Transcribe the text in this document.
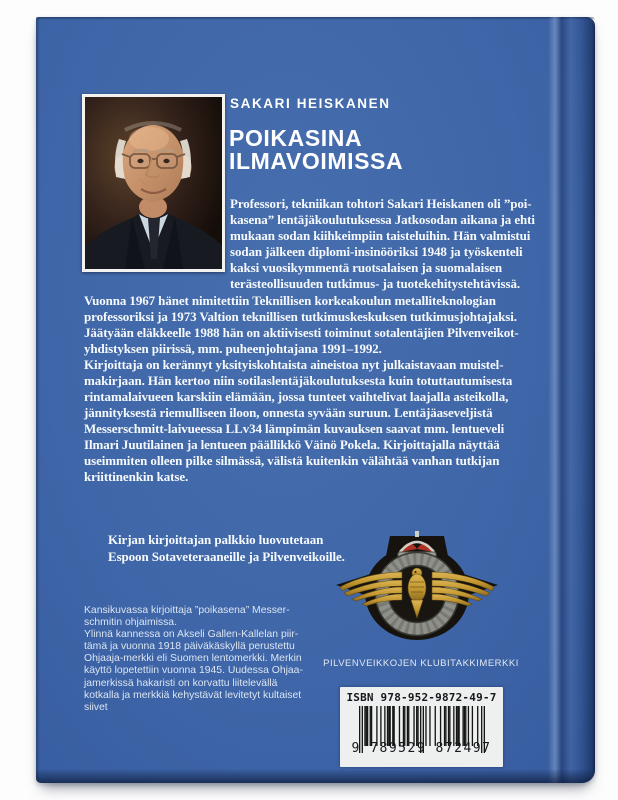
SAKARI HEISKANEN
POIKASINA
ILMAVOIMISSA
Professori, tekniikan tohtori Sakari Heiskanen oli ”poi-
kasena” lentäjäkoulutuksessa Jatkosodan aikana ja ehti
mukaan sodan kiihkeimpiin taisteluihin. Hän valmistui
sodan jälkeen diplomi-insinööriksi 1948 ja työskenteli
kaksi vuosikymmentä ruotsalaisen ja suomalaisen
terästeollisuuden tutkimus- ja tuotekehitystehtävissä.
Vuonna 1967 hänet nimitettiin Teknillisen korkeakoulun metalliteknologian
professoriksi ja 1973 Valtion teknillisen tutkimuskeskuksen tutkimusjohtajaksi.
Jäätyään eläkkeelle 1988 hän on aktiivisesti toiminut sotalentäjien Pilvenveikot-
yhdistyksen piirissä, mm. puheenjohtajana 1991–1992.
Kirjoittaja on kerännyt yksityiskohtaista aineistoa nyt julkaistavaan muistel-
makirjaan. Hän kertoo niin sotilaslentäjäkoulutuksesta kuin totuttautumisesta
rintamalaivueen karskiin elämään, jossa tunteet vaihtelivat laajalla asteikolla,
jännityksestä riemulliseen iloon, onnesta syvään suruun. Lentäjäaseveljistä
Messerschmitt-laivueessa LLv34 lämpimän kuvauksen saavat mm. lentueveli
Ilmari Juutilainen ja lentueen päällikkö Väinö Pokela. Kirjoittajalla näyttää
useimmiten olleen pilke silmässä, välistä kuitenkin välähtää vanhan tutkijan
kriittinenkin katse.
Kirjan kirjoittajan palkkio luovutetaan
Espoon Sotaveteraaneille ja Pilvenveikoille.
Kansikuvassa kirjoittaja ”poikasena” Messer-
schmitin ohjaimissa.
Ylinnä kannessa on Akseli Gallen-Kallelan piir-
tämä ja vuonna 1918 päiväkäskyllä perustettu
Ohjaaja-merkki eli Suomen lentomerkki. Merkin
käyttö lopetettiin vuonna 1945. Uudessa Ohjaa-
jamerkissä hakaristi on korvattu liitelevällä
kotkalla ja merkkiä kehystävät levitetyt kultaiset
siivet
PILVENVEIKKOJEN KLUBITAKKIMERKKI
ISBN 978-952-9872-49-7
9 789529 872497
